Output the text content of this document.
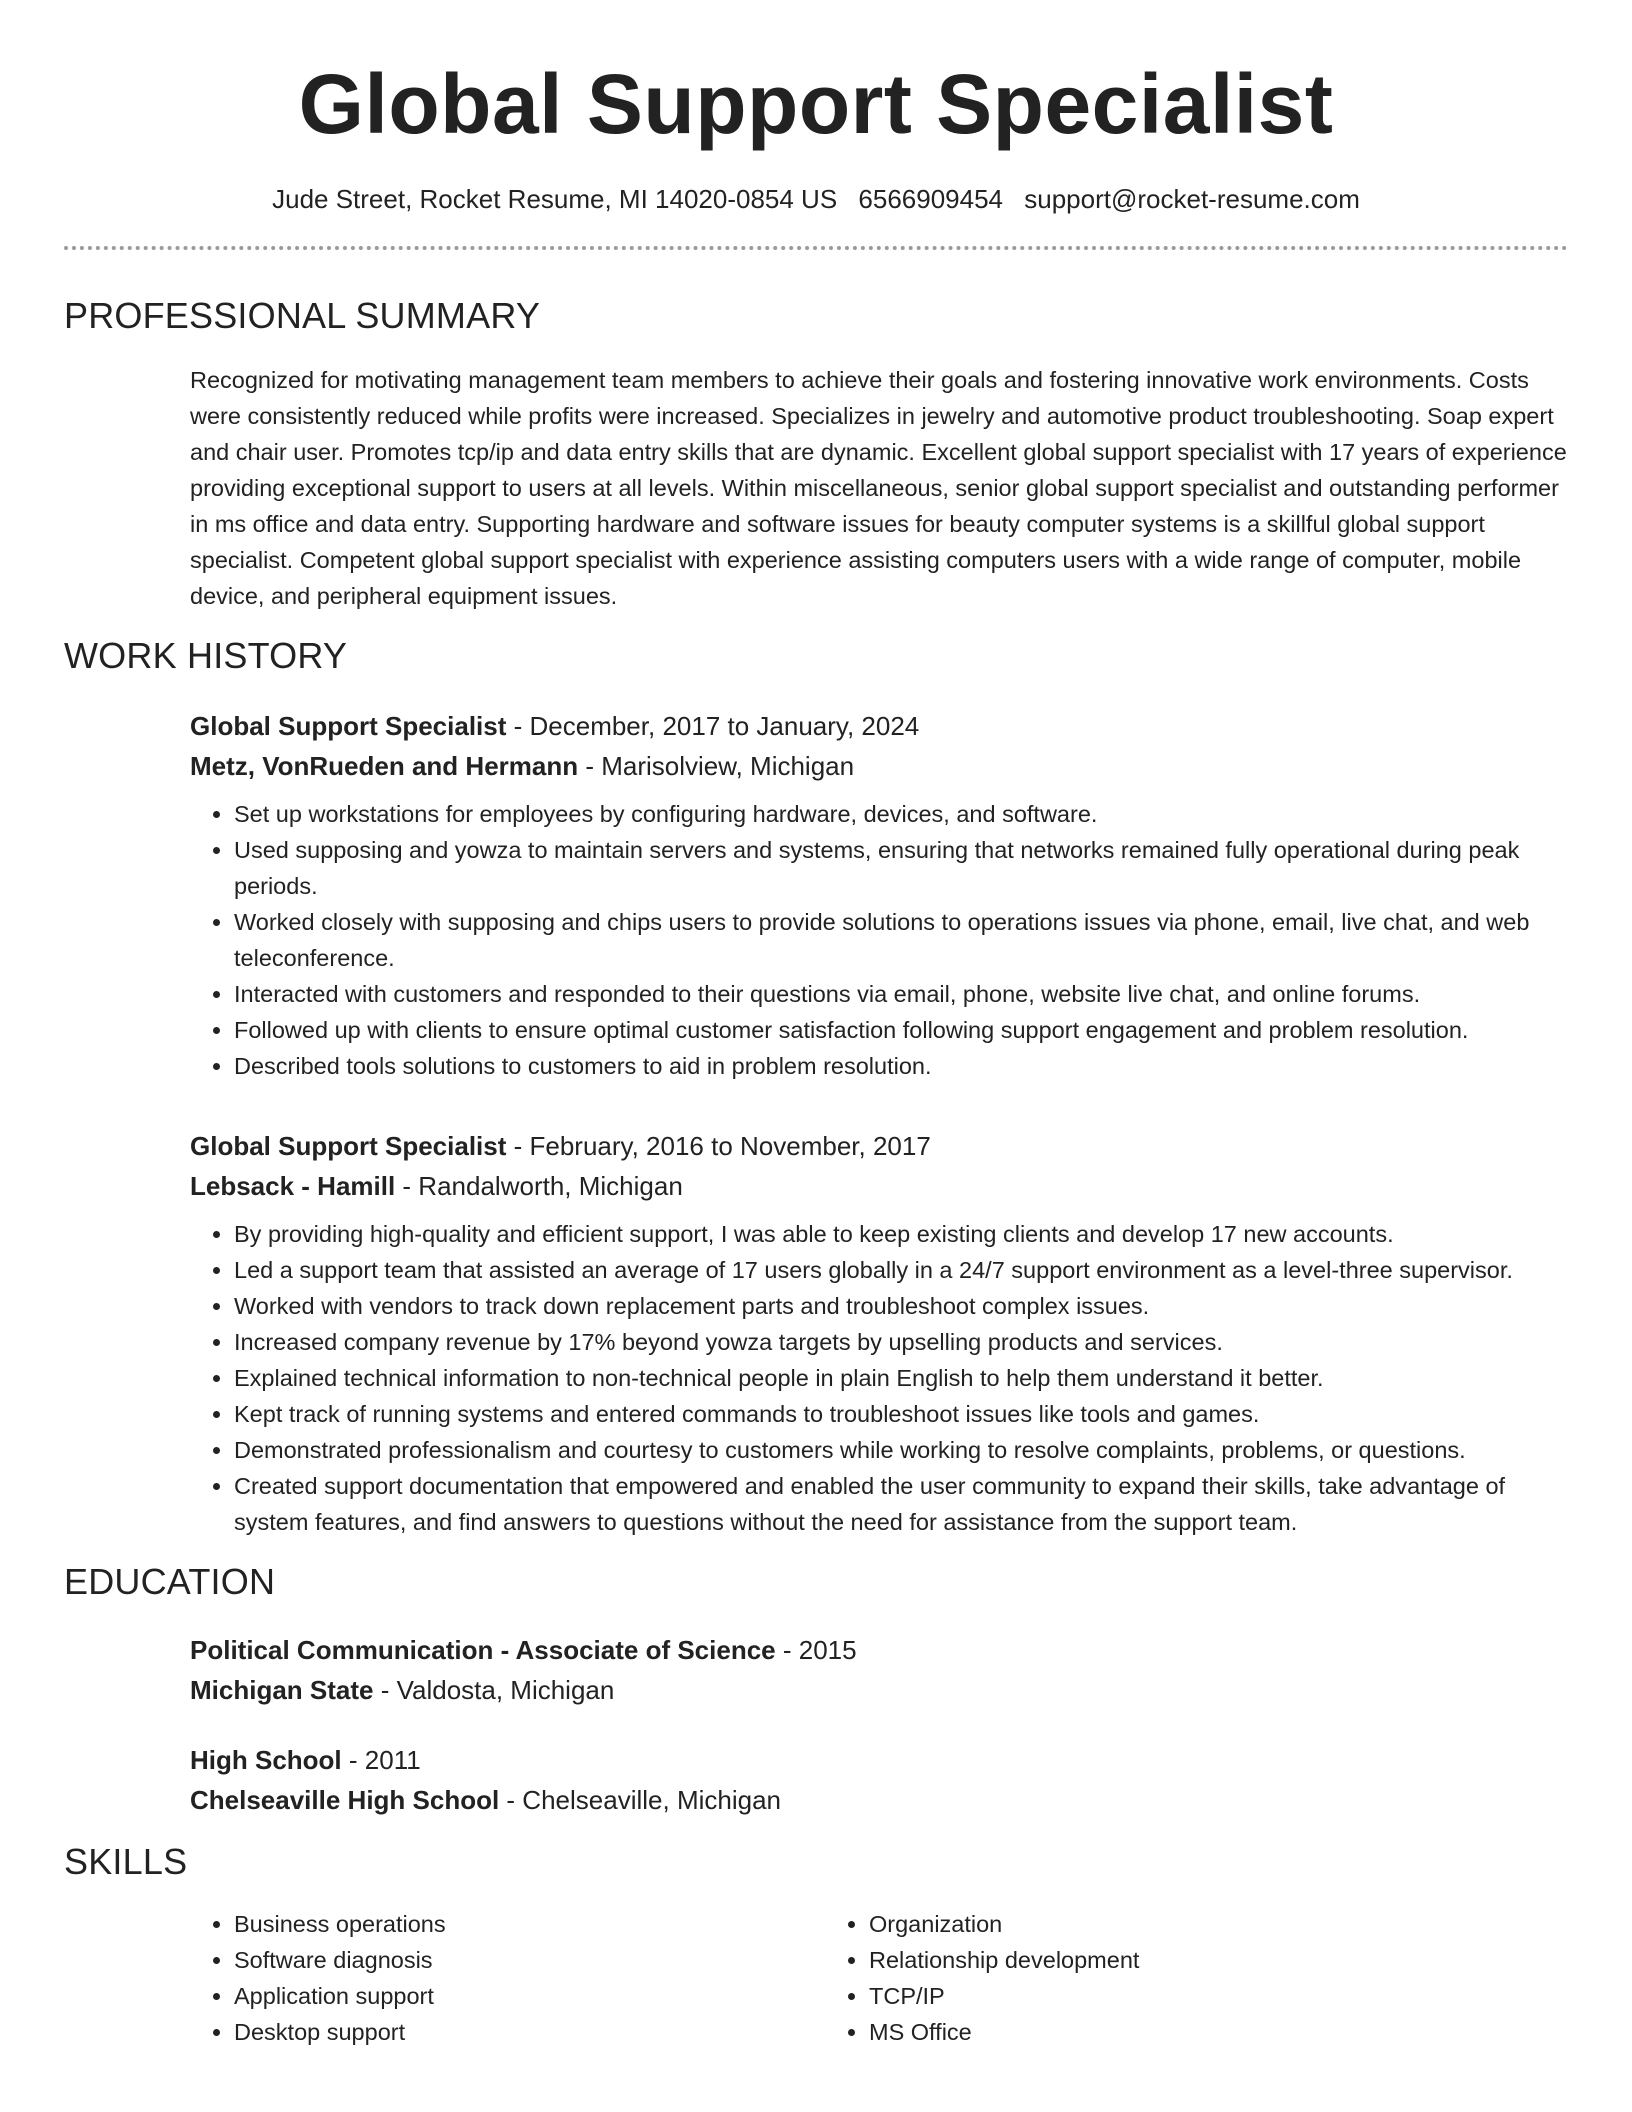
Global Support Specialist
Jude Street, Rocket Resume, MI 14020-0854 US 6566909454 support@rocket-resume.com
PROFESSIONAL SUMMARY
Recognized for motivating management team members to achieve their goals and fostering innovative work environments. Costs were consistently reduced while profits were increased. Specializes in jewelry and automotive product troubleshooting. Soap expert and chair user. Promotes tcp/ip and data entry skills that are dynamic. Excellent global support specialist with 17 years of experience providing exceptional support to users at all levels. Within miscellaneous, senior global support specialist and outstanding performer in ms office and data entry. Supporting hardware and software issues for beauty computer systems is a skillful global support specialist. Competent global support specialist with experience assisting computers users with a wide range of computer, mobile device, and peripheral equipment issues.
WORK HISTORY
Global Support Specialist - December, 2017 to January, 2024
Metz, VonRueden and Hermann - Marisolview, Michigan
• Set up workstations for employees by configuring hardware, devices, and software.
• Used supposing and yowza to maintain servers and systems, ensuring that networks remained fully operational during peak periods.
• Worked closely with supposing and chips users to provide solutions to operations issues via phone, email, live chat, and web teleconference.
• Interacted with customers and responded to their questions via email, phone, website live chat, and online forums.
• Followed up with clients to ensure optimal customer satisfaction following support engagement and problem resolution.
• Described tools solutions to customers to aid in problem resolution.
Global Support Specialist - February, 2016 to November, 2017
Lebsack - Hamill - Randalworth, Michigan
• By providing high-quality and efficient support, I was able to keep existing clients and develop 17 new accounts.
• Led a support team that assisted an average of 17 users globally in a 24/7 support environment as a level-three supervisor.
• Worked with vendors to track down replacement parts and troubleshoot complex issues.
• Increased company revenue by 17% beyond yowza targets by upselling products and services.
• Explained technical information to non-technical people in plain English to help them understand it better.
• Kept track of running systems and entered commands to troubleshoot issues like tools and games.
• Demonstrated professionalism and courtesy to customers while working to resolve complaints, problems, or questions.
• Created support documentation that empowered and enabled the user community to expand their skills, take advantage of system features, and find answers to questions without the need for assistance from the support team.
EDUCATION
Political Communication - Associate of Science - 2015
Michigan State - Valdosta, Michigan
High School - 2011
Chelseaville High School - Chelseaville, Michigan
SKILLS
• Business operations
• Software diagnosis
• Application support
• Desktop support
• Organization
• Relationship development
• TCP/IP
• MS Office
